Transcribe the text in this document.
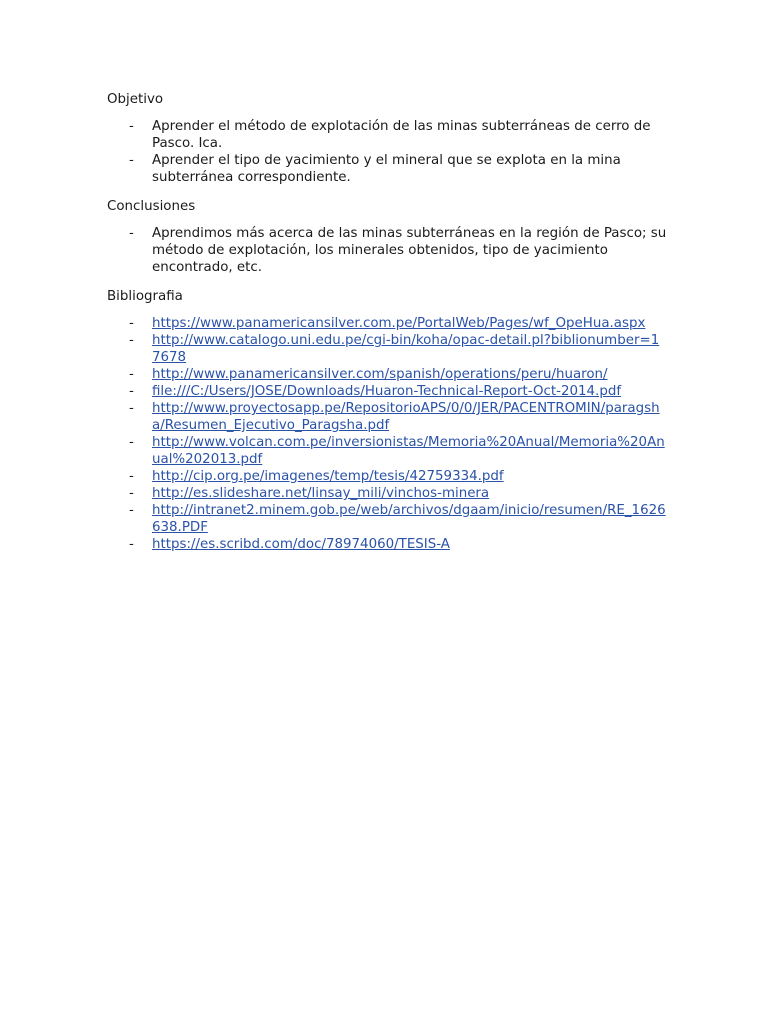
Objetivo

- Aprender el método de explotación de las minas subterráneas de cerro de Pasco. Ica.
- Aprender el tipo de yacimiento y el mineral que se explota en la mina subterránea correspondiente.

Conclusiones

- Aprendimos más acerca de las minas subterráneas en la región de Pasco; su método de explotación, los minerales obtenidos, tipo de yacimiento encontrado, etc.

Bibliografia

- https://www.panamericansilver.com.pe/PortalWeb/Pages/wf_OpeHua.aspx
- http://www.catalogo.uni.edu.pe/cgi-bin/koha/opac-detail.pl?biblionumber=17678
- http://www.panamericansilver.com/spanish/operations/peru/huaron/
- file:///C:/Users/JOSE/Downloads/Huaron-Technical-Report-Oct-2014.pdf
- http://www.proyectosapp.pe/RepositorioAPS/0/0/JER/PACENTROMIN/paragsha/Resumen_Ejecutivo_Paragsha.pdf
- http://www.volcan.com.pe/inversionistas/Memoria%20Anual/Memoria%20Anual%202013.pdf
- http://cip.org.pe/imagenes/temp/tesis/42759334.pdf
- http://es.slideshare.net/linsay_mili/vinchos-minera
- http://intranet2.minem.gob.pe/web/archivos/dgaam/inicio/resumen/RE_1626638.PDF
- https://es.scribd.com/doc/78974060/TESIS-A
